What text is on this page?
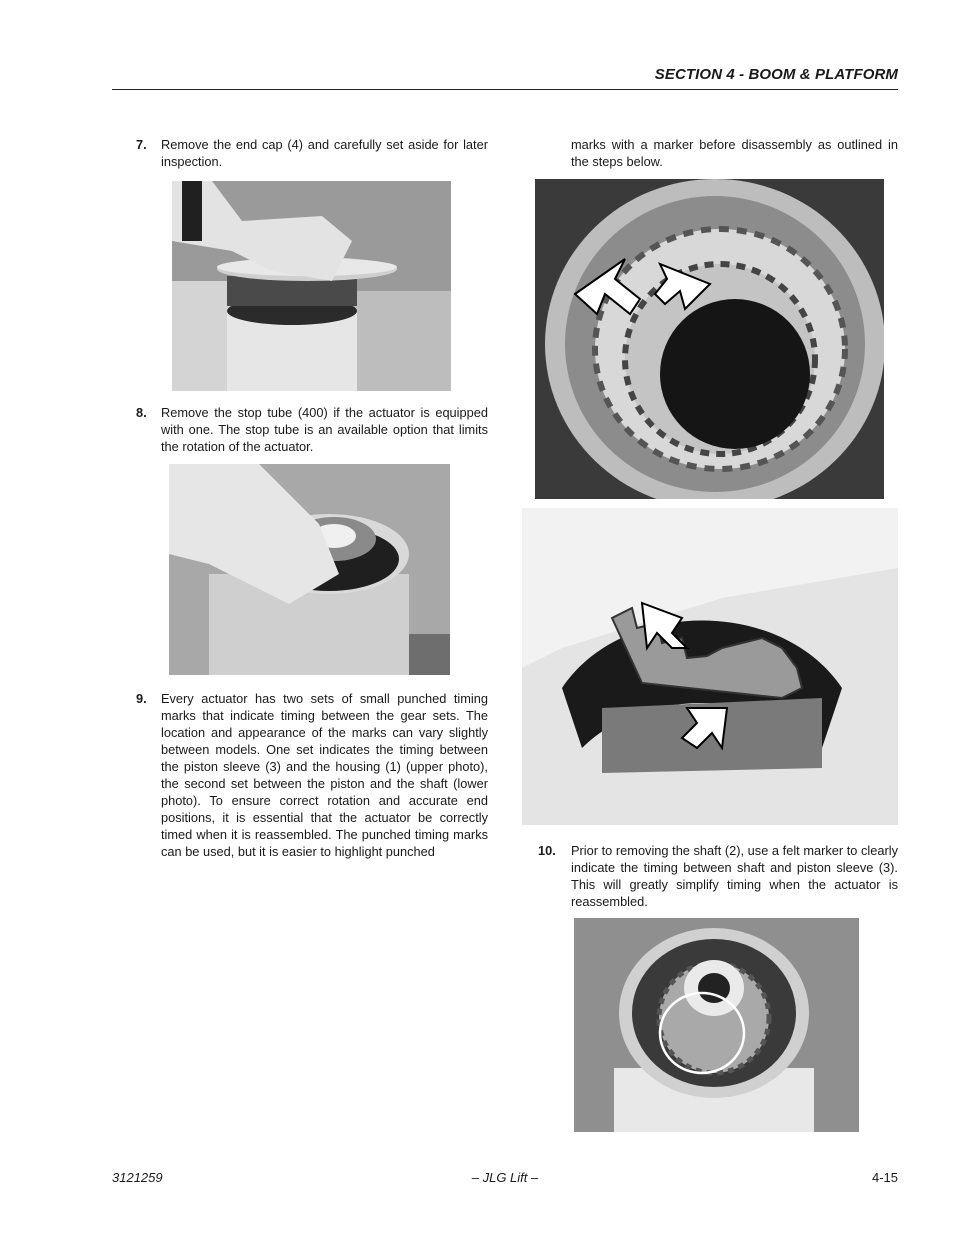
SECTION 4 - BOOM & PLATFORM
7. Remove the end cap (4) and carefully set aside for later inspection.
8. Remove the stop tube (400) if the actuator is equipped with one. The stop tube is an available option that limits the rotation of the actuator.
9. Every actuator has two sets of small punched timing marks that indicate timing between the gear sets. The location and appearance of the marks can vary slightly between models. One set indicates the timing between the piston sleeve (3) and the housing (1) (upper photo), the second set between the piston and the shaft (lower photo). To ensure correct rotation and accurate end positions, it is essential that the actuator be correctly timed when it is reassembled. The punched timing marks can be used, but it is easier to highlight punched
marks with a marker before disassembly as outlined in the steps below.
10. Prior to removing the shaft (2), use a felt marker to clearly indicate the timing between shaft and piston sleeve (3). This will greatly simplify timing when the actuator is reassembled.
3121259	– JLG Lift –	4-15
